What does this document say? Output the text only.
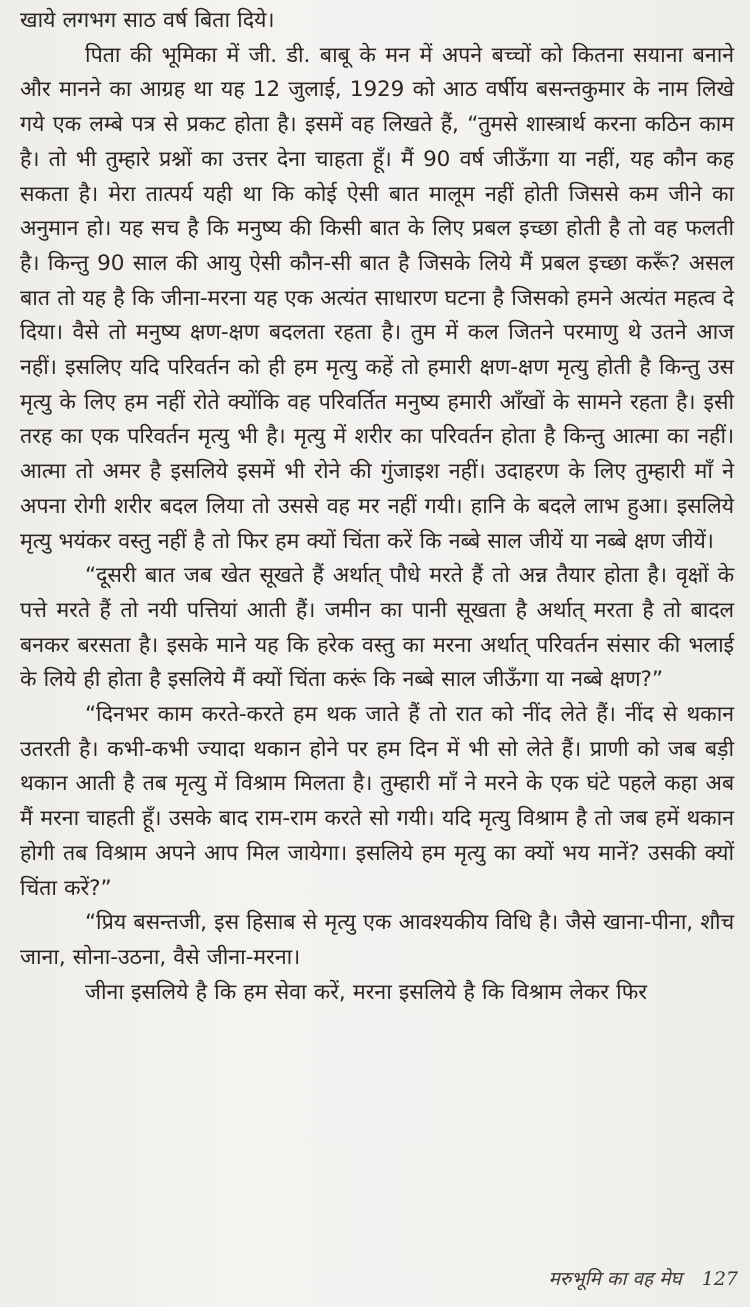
खाये लगभग साठ वर्ष बिता दिये।

पिता की भूमिका में जी. डी. बाबू के मन में अपने बच्चों को कितना सयाना बनाने और मानने का आग्रह था यह 12 जुलाई, 1929 को आठ वर्षीय बसन्तकुमार के नाम लिखे गये एक लम्बे पत्र से प्रकट होता है। इसमें वह लिखते हैं, “तुमसे शास्त्रार्थ करना कठिन काम है। तो भी तुम्हारे प्रश्नों का उत्तर देना चाहता हूँ। मैं 90 वर्ष जीऊँगा या नहीं, यह कौन कह सकता है। मेरा तात्पर्य यही था कि कोई ऐसी बात मालूम नहीं होती जिससे कम जीने का अनुमान हो। यह सच है कि मनुष्य की किसी बात के लिए प्रबल इच्छा होती है तो वह फलती है। किन्तु 90 साल की आयु ऐसी कौन-सी बात है जिसके लिये मैं प्रबल इच्छा करूँ? असल बात तो यह है कि जीना-मरना यह एक अत्यंत साधारण घटना है जिसको हमने अत्यंत महत्व दे दिया। वैसे तो मनुष्य क्षण-क्षण बदलता रहता है। तुम में कल जितने परमाणु थे उतने आज नहीं। इसलिए यदि परिवर्तन को ही हम मृत्यु कहें तो हमारी क्षण-क्षण मृत्यु होती है किन्तु उस मृत्यु के लिए हम नहीं रोते क्योंकि वह परिवर्तित मनुष्य हमारी आँखों के सामने रहता है। इसी तरह का एक परिवर्तन मृत्यु भी है। मृत्यु में शरीर का परिवर्तन होता है किन्तु आत्मा का नहीं। आत्मा तो अमर है इसलिये इसमें भी रोने की गुंजाइश नहीं। उदाहरण के लिए तुम्हारी माँ ने अपना रोगी शरीर बदल लिया तो उससे वह मर नहीं गयी। हानि के बदले लाभ हुआ। इसलिये मृत्यु भयंकर वस्तु नहीं है तो फिर हम क्यों चिंता करें कि नब्बे साल जीयें या नब्बे क्षण जीयें।

“दूसरी बात जब खेत सूखते हैं अर्थात् पौधे मरते हैं तो अन्न तैयार होता है। वृक्षों के पत्ते मरते हैं तो नयी पत्तियां आती हैं। जमीन का पानी सूखता है अर्थात् मरता है तो बादल बनकर बरसता है। इसके माने यह कि हरेक वस्तु का मरना अर्थात् परिवर्तन संसार की भलाई के लिये ही होता है इसलिये मैं क्यों चिंता करूं कि नब्बे साल जीऊँगा या नब्बे क्षण?”

“दिनभर काम करते-करते हम थक जाते हैं तो रात को नींद लेते हैं। नींद से थकान उतरती है। कभी-कभी ज्यादा थकान होने पर हम दिन में भी सो लेते हैं। प्राणी को जब बड़ी थकान आती है तब मृत्यु में विश्राम मिलता है। तुम्हारी माँ ने मरने के एक घंटे पहले कहा अब मैं मरना चाहती हूँ। उसके बाद राम-राम करते सो गयी। यदि मृत्यु विश्राम है तो जब हमें थकान होगी तब विश्राम अपने आप मिल जायेगा। इसलिये हम मृत्यु का क्यों भय मानें? उसकी क्यों चिंता करें?”

“प्रिय बसन्तजी, इस हिसाब से मृत्यु एक आवश्यकीय विधि है। जैसे खाना-पीना, शौच जाना, सोना-उठना, वैसे जीना-मरना।

जीना इसलिये है कि हम सेवा करें, मरना इसलिये है कि विश्राम लेकर फिर

मरुभूमि का वह मेघ 127
